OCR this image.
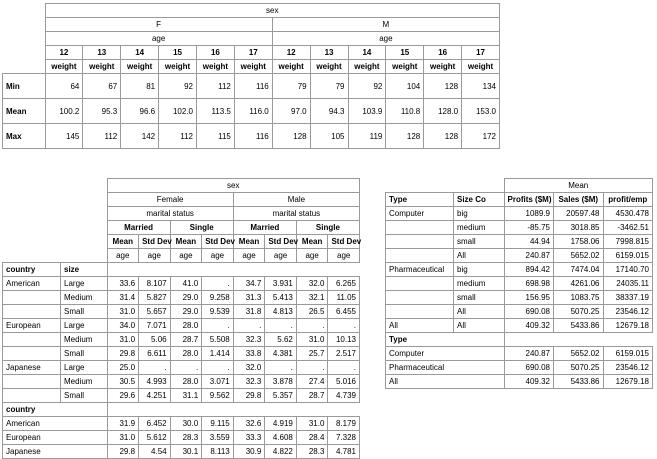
	sex											
	F						M					
	age						age					
	12	13	14	15	16	17	12	13	14	15	16	17
	weight	weight	weight	weight	weight	weight	weight	weight	weight	weight	weight	weight
Min	64	67	81	92	112	116	79	79	92	104	128	134
Mean	100.2	95.3	96.6	102.0	113.5	116.0	97.0	94.3	103.9	110.8	128.0	153.0
Max	145	112	142	112	115	116	128	105	119	128	128	172
		sex							
		Female				Male			
		marital status				marital status			
		Married		Single		Married		Single	
		Mean	Std Dev	Mean	Std Dev	Mean	Std Dev	Mean	Std Dev
		age	age	age	age	age	age	age	age
country	size								
American	Large	33.6	8.107	41.0	.	34.7	3.931	32.0	6.265
	Medium	31.4	5.827	29.0	9.258	31.3	5.413	32.1	11.05
	Small	31.0	5.657	29.0	9.539	31.8	4.813	26.5	6.455
European	Large	34.0	7.071	28.0	.	.	.	.	.
	Medium	31.0	5.06	28.7	5.508	32.3	5.62	31.0	10.13
	Small	29.8	6.611	28.0	1.414	33.8	4.381	25.7	2.517
Japanese	Large	25.0	.	.	.	32.0	.	.	.
	Medium	30.5	4.993	28.0	3.071	32.3	3.878	27.4	5.016
	Small	29.6	4.251	31.1	9.562	29.8	5.357	28.7	4.739
country									
American		31.9	6.452	30.0	9.115	32.6	4.919	31.0	8.179
European		31.0	5.612	28.3	3.559	33.3	4.608	28.4	7.328
Japanese		29.8	4.54	30.1	8.113	30.9	4.822	28.3	4.781
		Mean		
Type	Size Co	Profits ($M)	Sales ($M)	profit/emp
Computer	big	1089.9	20597.48	4530.478
	medium	-85.75	3018.85	-3462.51
	small	44.94	1758.06	7998.815
	All	240.87	5652.02	6159.015
Pharmaceutical	big	894.42	7474.04	17140.70
	medium	698.98	4261.06	24035.11
	small	156.95	1083.75	38337.19
	All	690.08	5070.25	23546.12
All	All	409.32	5433.86	12679.18
Type				
Computer		240.87	5652.02	6159.015
Pharmaceutical		690.08	5070.25	23546.12
All		409.32	5433.86	12679.18
